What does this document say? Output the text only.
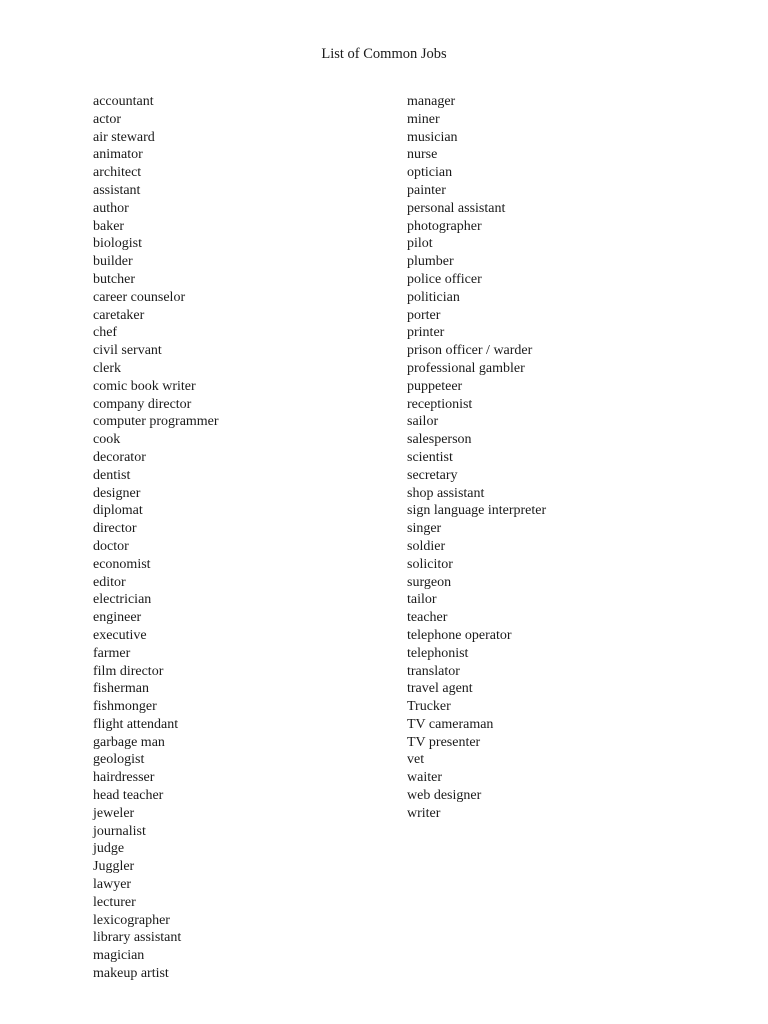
List of Common Jobs
accountant
actor
air steward
animator
architect
assistant
author
baker
biologist
builder
butcher
career counselor
caretaker
chef
civil servant
clerk
comic book writer
company director
computer programmer
cook
decorator
dentist
designer
diplomat
director
doctor
economist
editor
electrician
engineer
executive
farmer
film director
fisherman
fishmonger
flight attendant
garbage man
geologist
hairdresser
head teacher
jeweler
journalist
judge
Juggler
lawyer
lecturer
lexicographer
library assistant
magician
makeup artist
manager
miner
musician
nurse
optician
painter
personal assistant
photographer
pilot
plumber
police officer
politician
porter
printer
prison officer / warder
professional gambler
puppeteer
receptionist
sailor
salesperson
scientist
secretary
shop assistant
sign language interpreter
singer
soldier
solicitor
surgeon
tailor
teacher
telephone operator
telephonist
translator
travel agent
Trucker
TV cameraman
TV presenter
vet
waiter
web designer
writer
